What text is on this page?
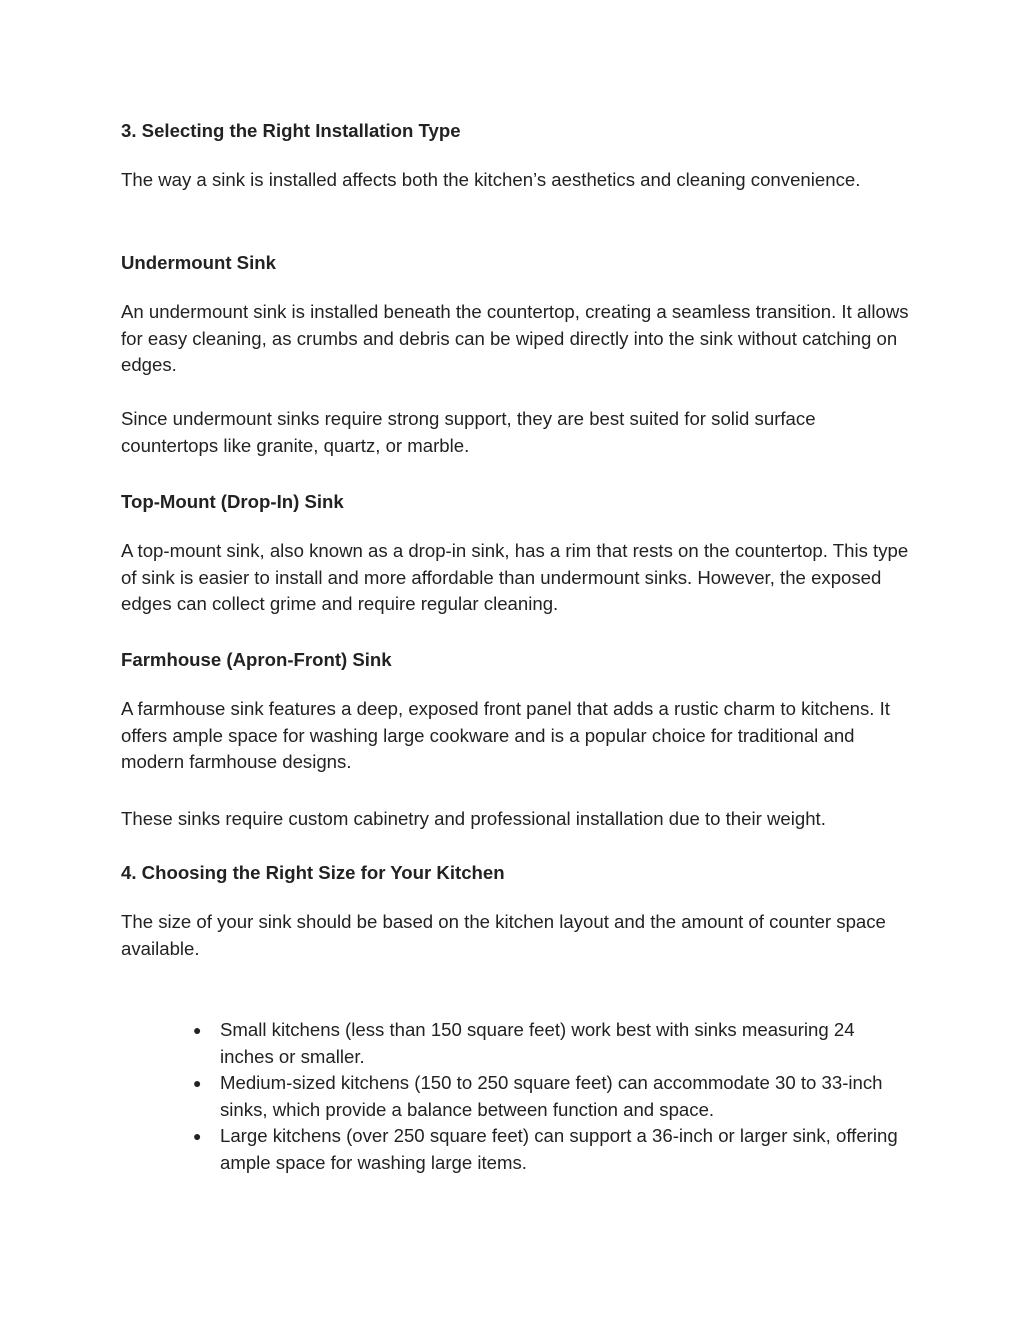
3. Selecting the Right Installation Type

The way a sink is installed affects both the kitchen’s aesthetics and cleaning convenience.

Undermount Sink

An undermount sink is installed beneath the countertop, creating a seamless transition. It allows for easy cleaning, as crumbs and debris can be wiped directly into the sink without catching on edges.

Since undermount sinks require strong support, they are best suited for solid surface countertops like granite, quartz, or marble.

Top-Mount (Drop-In) Sink

A top-mount sink, also known as a drop-in sink, has a rim that rests on the countertop. This type of sink is easier to install and more affordable than undermount sinks. However, the exposed edges can collect grime and require regular cleaning.

Farmhouse (Apron-Front) Sink

A farmhouse sink features a deep, exposed front panel that adds a rustic charm to kitchens. It offers ample space for washing large cookware and is a popular choice for traditional and modern farmhouse designs.

These sinks require custom cabinetry and professional installation due to their weight.

4. Choosing the Right Size for Your Kitchen

The size of your sink should be based on the kitchen layout and the amount of counter space available.

● Small kitchens (less than 150 square feet) work best with sinks measuring 24 inches or smaller.
● Medium-sized kitchens (150 to 250 square feet) can accommodate 30 to 33-inch sinks, which provide a balance between function and space.
● Large kitchens (over 250 square feet) can support a 36-inch or larger sink, offering ample space for washing large items.
